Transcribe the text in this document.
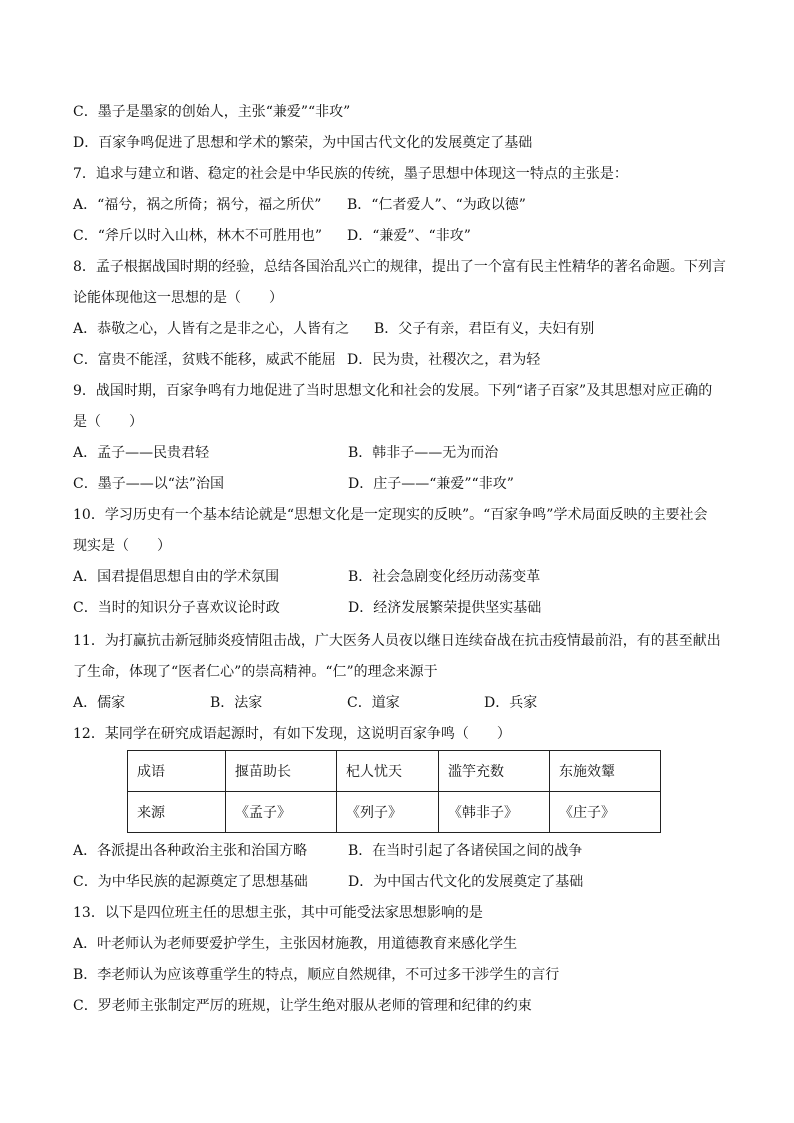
C．墨子是墨家的创始人，主张“兼爱”“非攻”
D．百家争鸣促进了思想和学术的繁荣，为中国古代文化的发展奠定了基础
7．追求与建立和谐、稳定的社会是中华民族的传统，墨子思想中体现这一特点的主张是：
A．“福兮，祸之所倚；祸兮，福之所伏” B．“仁者爱人”、“为政以德”
C．“斧斤以时入山林，林木不可胜用也” D．“兼爱”、“非攻”
8．孟子根据战国时期的经验，总结各国治乱兴亡的规律，提出了一个富有民主性精华的著名命题。下列言
论能体现他这一思想的是（　　）
A．恭敬之心，人皆有之是非之心，人皆有之 B．父子有亲，君臣有义，夫妇有别
C．富贵不能淫，贫贱不能移，威武不能屈 D．民为贵，社稷次之，君为轻
9．战国时期，百家争鸣有力地促进了当时思想文化和社会的发展。下列“诸子百家”及其思想对应正确的
是（　　）
A．孟子——民贵君轻	B．韩非子——无为而治
C．墨子——以“法”治国	D．庄子——“兼爱”“非攻”
10．学习历史有一个基本结论就是“思想文化是一定现实的反映”。“百家争鸣”学术局面反映的主要社会
现实是（　　）
A．国君提倡思想自由的学术氛围	B．社会急剧变化经历动荡变革
C．当时的知识分子喜欢议论时政	D．经济发展繁荣提供坚实基础
11．为打赢抗击新冠肺炎疫情阻击战，广大医务人员夜以继日连续奋战在抗击疫情最前沿，有的甚至献出
了生命，体现了“医者仁心”的崇高精神。“仁”的理念来源于
A．儒家	B．法家	C．道家	D．兵家
12．某同学在研究成语起源时，有如下发现，这说明百家争鸣（　　）
成语	揠苗助长	杞人忧天	滥竽充数	东施效颦
来源	《孟子》	《列子》	《韩非子》	《庄子》
A．各派提出各种政治主张和治国方略	B．在当时引起了各诸侯国之间的战争
C．为中华民族的起源奠定了思想基础	D．为中国古代文化的发展奠定了基础
13．以下是四位班主任的思想主张，其中可能受法家思想影响的是
A．叶老师认为老师要爱护学生，主张因材施教，用道德教育来感化学生
B．李老师认为应该尊重学生的特点，顺应自然规律，不可过多干涉学生的言行
C．罗老师主张制定严厉的班规，让学生绝对服从老师的管理和纪律的约束
